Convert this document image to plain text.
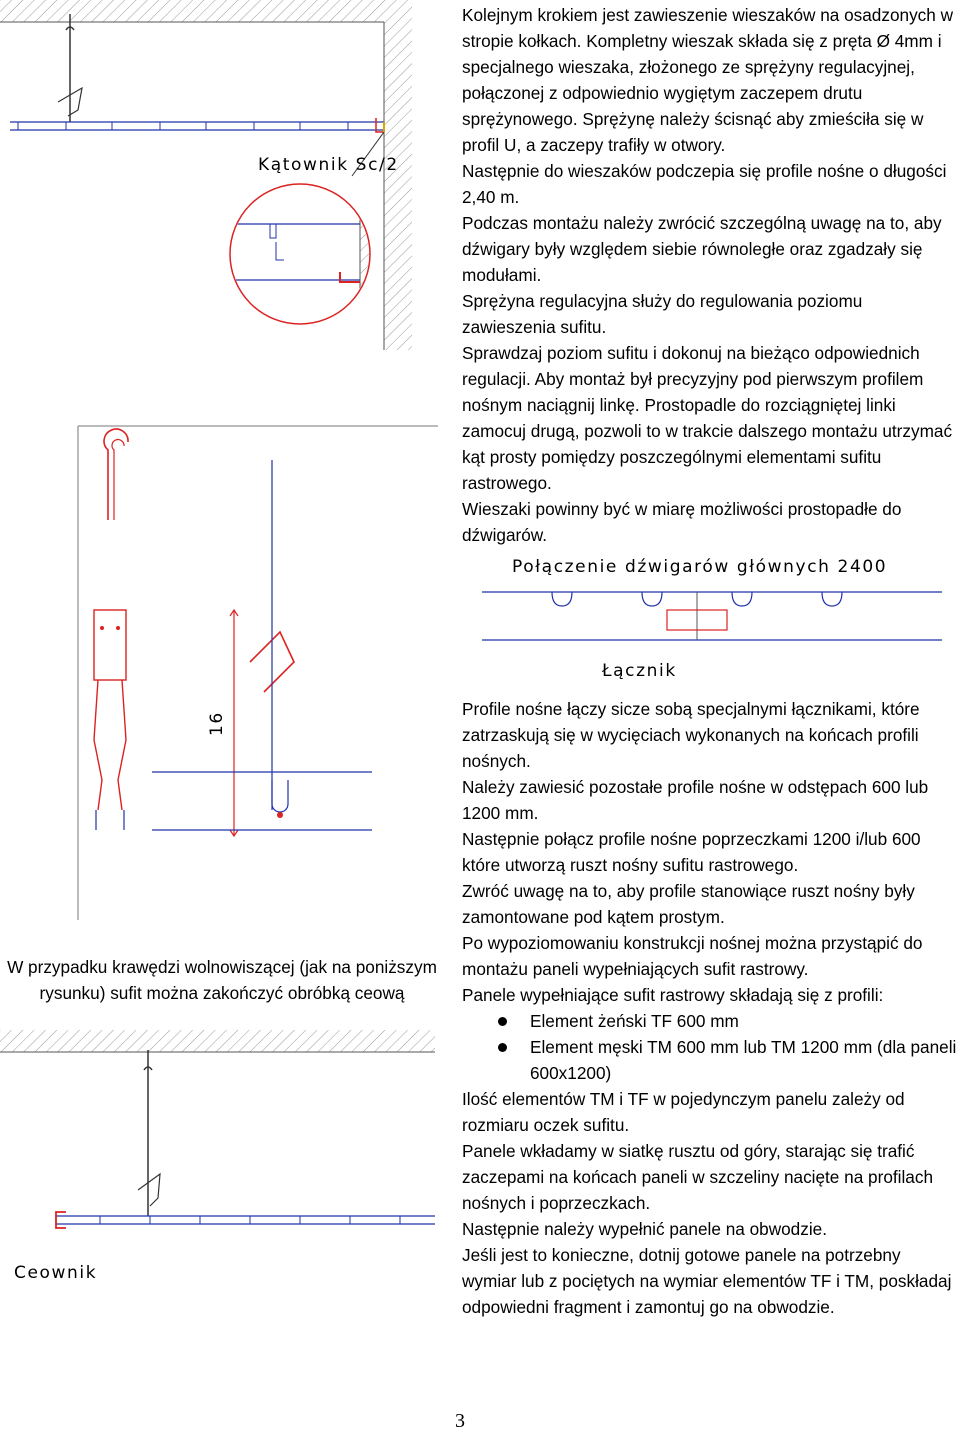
Kątownik Sc/2

Kolejnym krokiem jest zawieszenie wieszaków na osadzonych w stropie kołkach. Kompletny wieszak składa się z pręta Ø 4mm i specjalnego wieszaka, złożonego ze sprężyny regulacyjnej, połączonej z odpowiednio wygiętym zaczepem drutu sprężynowego. Sprężynę należy ścisnąć aby zmieściła się w profil U, a zaczepy trafiły w otwory.

Następnie do wieszaków podczepia się profile nośne o długości 2,40 m.

Podczas montażu należy zwrócić szczególną uwagę na to, aby dźwigary były względem siebie równoległe oraz zgadzały się modułami.

Sprężyna regulacyjna służy do regulowania poziomu zawieszenia sufitu.

Sprawdzaj poziom sufitu i dokonuj na bieżąco odpowiednich regulacji. Aby montaż był precyzyjny pod pierwszym profilem nośnym naciągnij linkę. Prostopadle do rozciągniętej linki zamocuj drugą, pozwoli to w trakcie dalszego montażu utrzymać kąt prosty pomiędzy poszczególnymi elementami sufitu rastrowego.

Wieszaki powinny być w miarę możliwości prostopadłe do dźwigarów.

16
Połączenie dźwigarów głównych 2400
Łącznik

Profile nośne łączy sicze sobą specjalnymi łącznikami, które zatrzaskują się w wycięciach wykonanych na końcach profili nośnych.

Należy zawiesić pozostałe profile nośne w odstępach 600 lub 1200 mm.

Następnie połącz profile nośne poprzeczkami 1200 i/lub 600 które utworzą ruszt nośny sufitu rastrowego.

Zwróć uwagę na to, aby profile stanowiące ruszt nośny były zamontowane pod kątem prostym.

Po wypoziomowaniu konstrukcji nośnej można przystąpić do montażu paneli wypełniających sufit rastrowy.

Panele wypełniające sufit rastrowy składają się z profili:

Element żeński TF 600 mm
Element męski TM 600 mm lub TM 1200 mm (dla paneli 600x1200)

Ilość elementów TM i TF w pojedynczym panelu zależy od rozmiaru oczek sufitu.

Panele wkładamy w siatkę rusztu od góry, starając się trafić zaczepami na końcach paneli w szczeliny nacięte na profilach nośnych i poprzeczkach.

Następnie należy wypełnić panele na obwodzie.

Jeśli jest to konieczne, dotnij gotowe panele na potrzebny wymiar lub z pociętych na wymiar elementów TF i TM, poskładaj odpowiedni fragment i zamontuj go na obwodzie.

W przypadku krawędzi wolnowiszącej (jak na poniższym rysunku) sufit można zakończyć obróbką ceową
Ceownik
3
